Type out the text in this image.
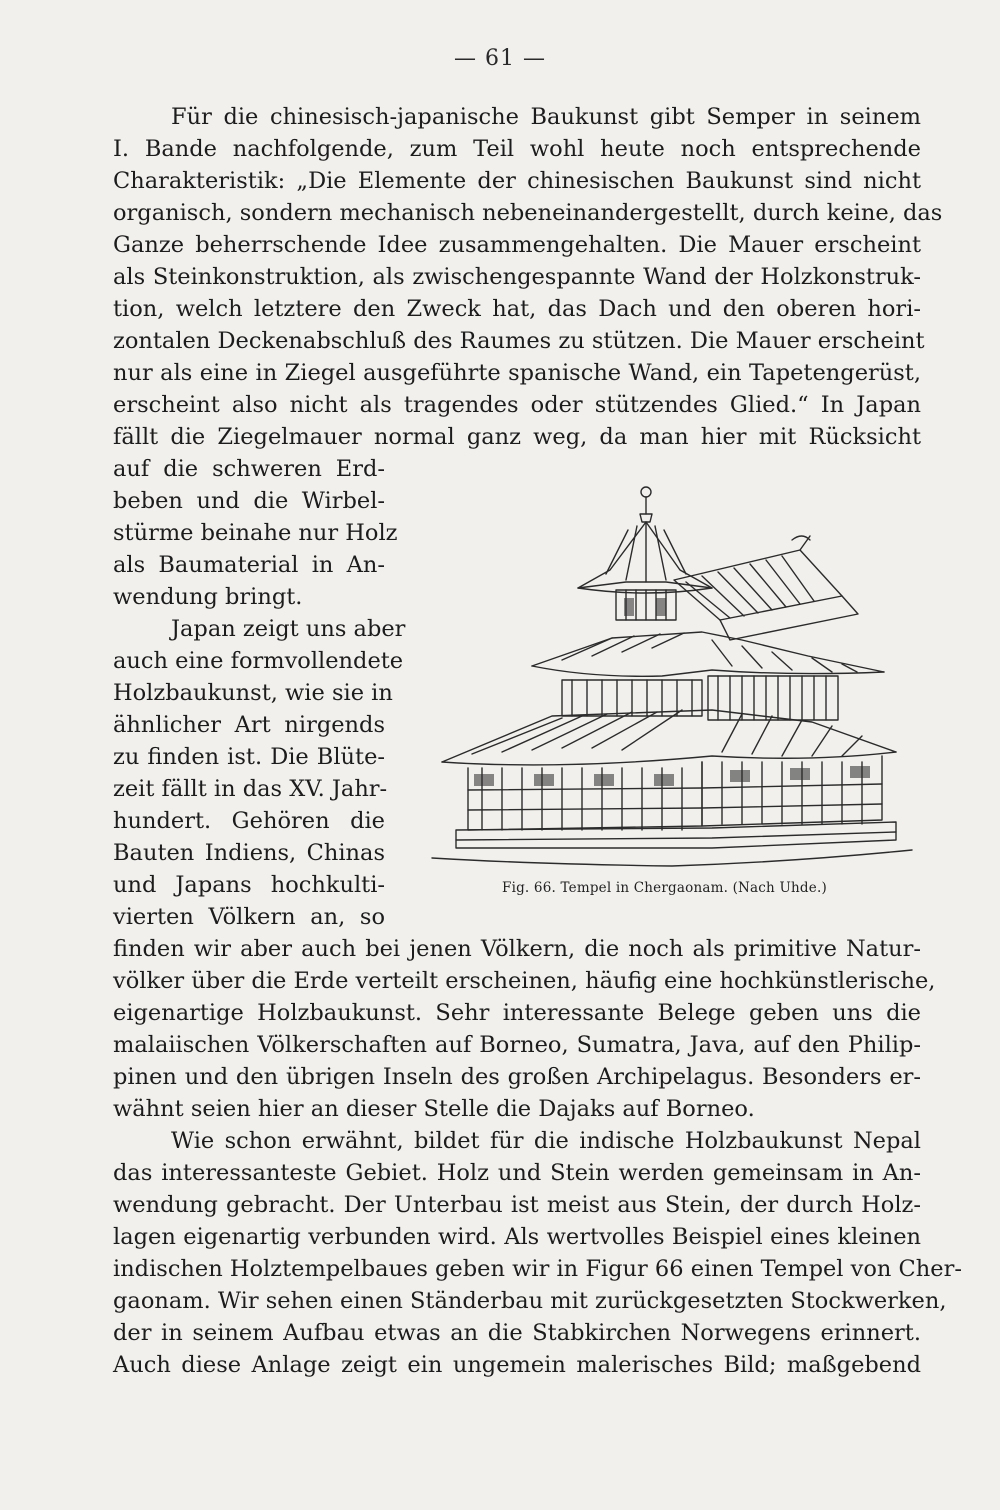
— 61 —
Für die chinesisch-japanische Baukunst gibt Semper in seinem
I. Bande nachfolgende, zum Teil wohl heute noch entsprechende
Charakteristik: „Die Elemente der chinesischen Baukunst sind nicht
organisch, sondern mechanisch nebeneinandergestellt, durch keine, das
Ganze beherrschende Idee zusammengehalten. Die Mauer erscheint
als Steinkonstruktion, als zwischengespannte Wand der Holzkonstruk-
tion, welch letztere den Zweck hat, das Dach und den oberen hori-
zontalen Deckenabschluß des Raumes zu stützen. Die Mauer erscheint
nur als eine in Ziegel ausgeführte spanische Wand, ein Tapetengerüst,
erscheint also nicht als tragendes oder stützendes Glied.“ In Japan
fällt die Ziegelmauer normal ganz weg, da man hier mit Rücksicht
auf die schweren Erd-
beben und die Wirbel-
stürme beinahe nur Holz
als Baumaterial in An-
wendung bringt.
Japan zeigt uns aber
auch eine formvollendete
Holzbaukunst, wie sie in
ähnlicher Art nirgends
zu finden ist. Die Blüte-
zeit fällt in das XV. Jahr-
hundert. Gehören die
Bauten Indiens, Chinas
und Japans hochkulti-
vierten Völkern an, so
finden wir aber auch bei jenen Völkern, die noch als primitive Natur-
völker über die Erde verteilt erscheinen, häufig eine hochkünstlerische,
eigenartige Holzbaukunst. Sehr interessante Belege geben uns die
malaiischen Völkerschaften auf Borneo, Sumatra, Java, auf den Philip-
pinen und den übrigen Inseln des großen Archipelagus. Besonders er-
wähnt seien hier an dieser Stelle die Dajaks auf Borneo.
Wie schon erwähnt, bildet für die indische Holzbaukunst Nepal
das interessanteste Gebiet. Holz und Stein werden gemeinsam in An-
wendung gebracht. Der Unterbau ist meist aus Stein, der durch Holz-
lagen eigenartig verbunden wird. Als wertvolles Beispiel eines kleinen
indischen Holztempelbaues geben wir in Figur 66 einen Tempel von Cher-
gaonam. Wir sehen einen Ständerbau mit zurückgesetzten Stockwerken,
der in seinem Aufbau etwas an die Stabkirchen Norwegens erinnert.
Auch diese Anlage zeigt ein ungemein malerisches Bild; maßgebend
Fig. 66. Tempel in Chergaonam. (Nach Uhde.)
